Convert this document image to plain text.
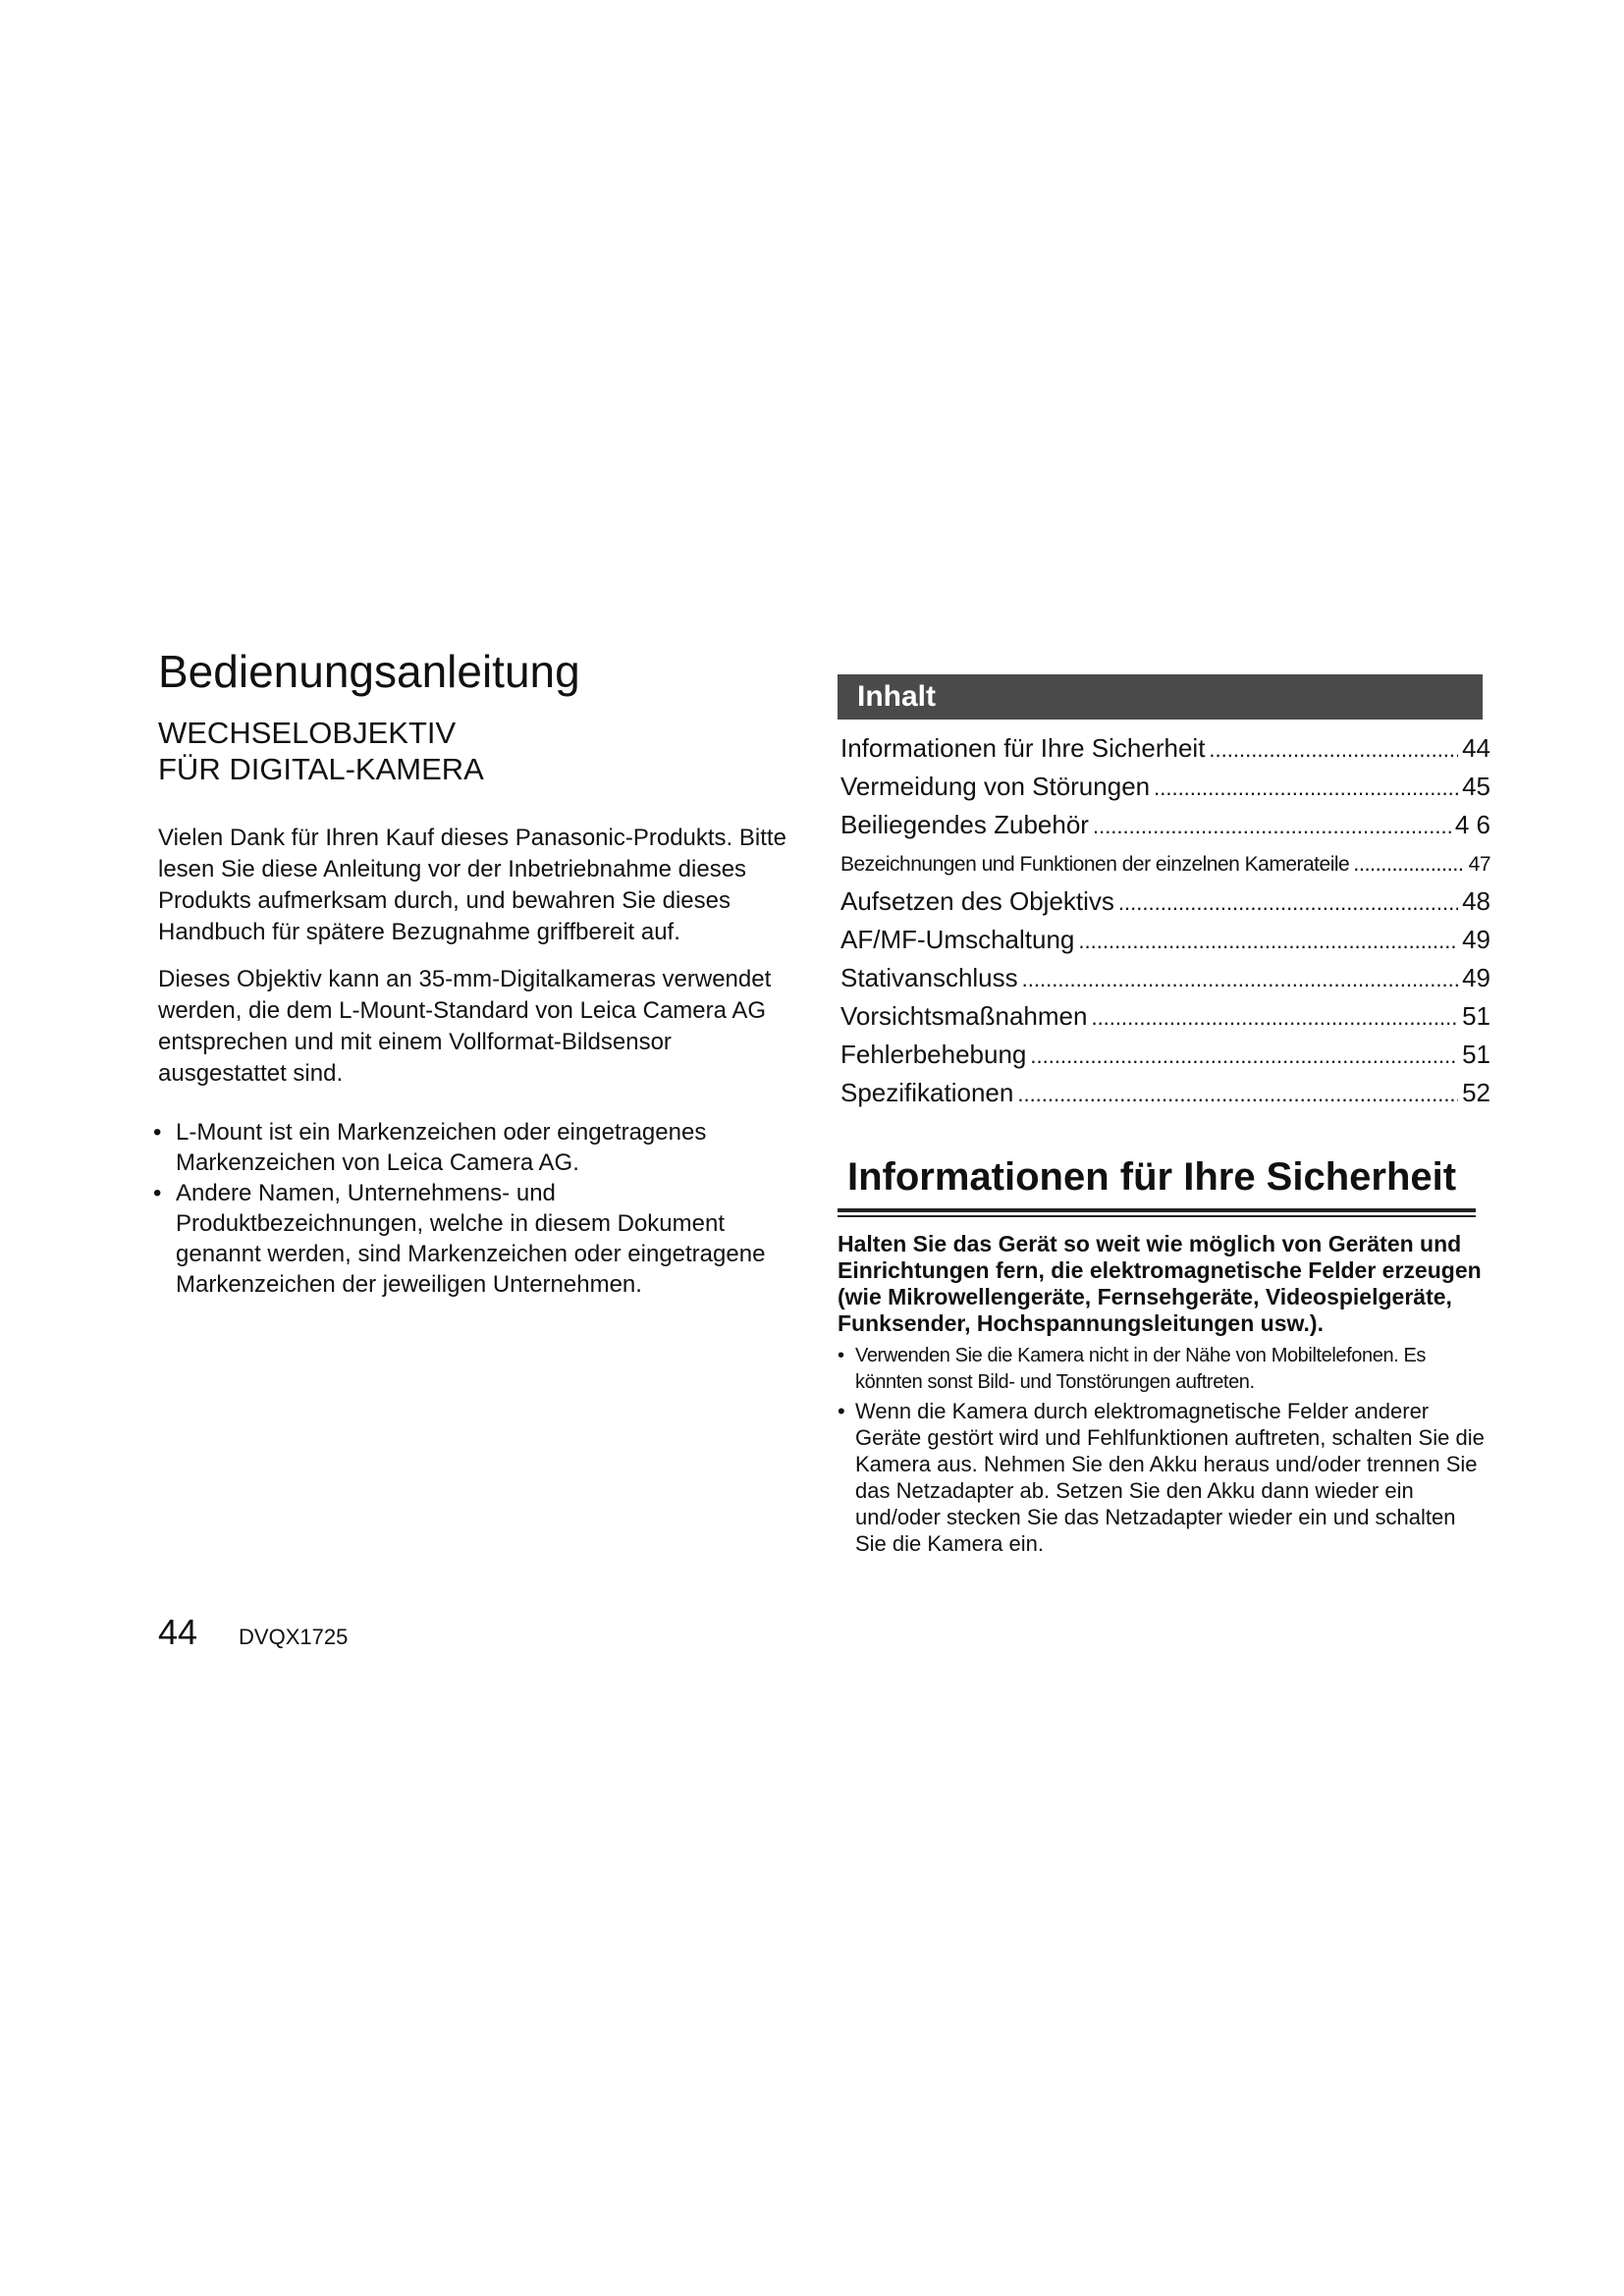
Bedienungsanleitung

WECHSELOBJEKTIV

FÜR DIGITAL-KAMERA

Vielen Dank für Ihren Kauf dieses Panasonic-Produkts. Bitte lesen Sie diese Anleitung vor der Inbetriebnahme dieses Produkts aufmerksam durch, und bewahren Sie dieses Handbuch für spätere Bezugnahme griffbereit auf.

Dieses Objektiv kann an 35-mm-Digitalkameras verwendet werden, die dem L-Mount-Standard von Leica Camera AG entsprechen und mit einem Vollformat-Bildsensor ausgestattet sind.

• L-Mount ist ein Markenzeichen oder eingetragenes Markenzeichen von Leica Camera AG.

• Andere Namen, Unternehmens- und Produktbezeichnungen, welche in diesem Dokument genannt werden, sind Markenzeichen oder eingetragene Markenzeichen der jeweiligen Unternehmen.

Inhalt
Informationen für Ihre Sicherheit .....	44
Vermeidung von Störungen .....	45
Beiliegendes Zubehör .....	4 6
Bezeichnungen und Funktionen der einzelnen Kamerateile .....	47
Aufsetzen des Objektivs .....	48
AF/MF-Umschaltung .....	49
Stativanschluss .....	49
Vorsichtsmaßnahmen .....	51
Fehlerbehebung .....	51
Spezifikationen .....	52
Informationen für Ihre Sicherheit

Halten Sie das Gerät so weit wie möglich von Geräten und Einrichtungen fern, die elektromagnetische Felder erzeugen (wie Mikrowellengeräte, Fernsehgeräte, Videospielgeräte, Funksender, Hochspannungsleitungen usw.).

• Verwenden Sie die Kamera nicht in der Nähe von Mobiltelefonen. Es könnten sonst Bild- und Tonstörungen auftreten.

• Wenn die Kamera durch elektromagnetische Felder anderer Geräte gestört wird und Fehlfunktionen auftreten, schalten Sie die Kamera aus. Nehmen Sie den Akku heraus und/oder trennen Sie das Netzadapter ab. Setzen Sie den Akku dann wieder ein und/oder stecken Sie das Netzadapter wieder ein und schalten Sie die Kamera ein.

44 DVQX1725
